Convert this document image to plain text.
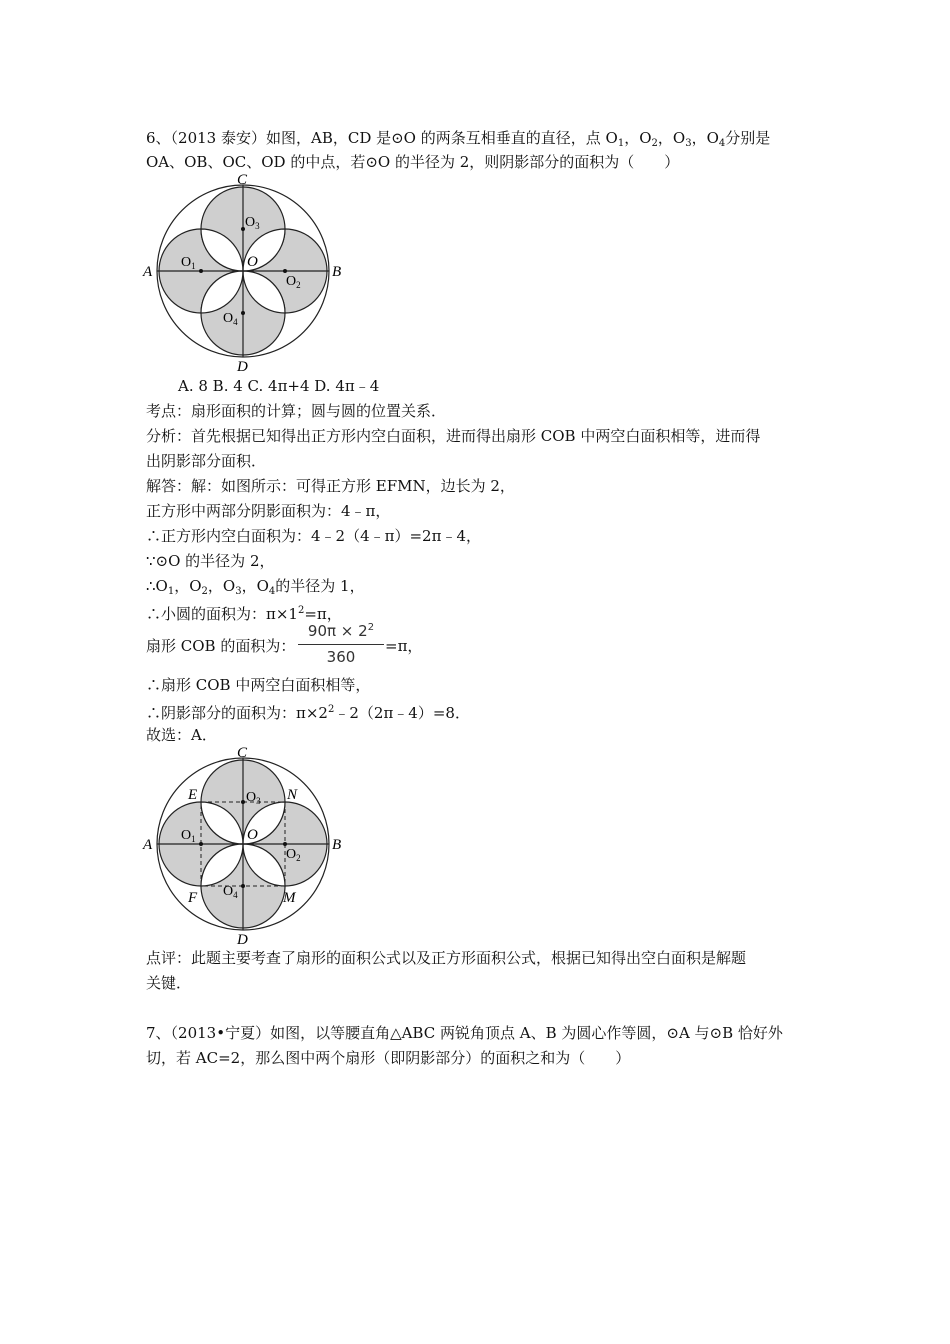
6、（2013 泰安）如图，AB，CD 是⊙O 的两条互相垂直的直径，点 $O_1$，$O_2$，$O_3$，$O_4$分别是
OA、OB、OC、OD 的中点，若⊙O 的半径为 2，则阴影部分的面积为（　　）
C
D
A	B
O
$O_1$
$O_2$
$O_3$
$O_4$
A. 8 B. 4 C. 4π+4 D. 4π﹣4
考点：扇形面积的计算；圆与圆的位置关系．
分析：首先根据已知得出正方形内空白面积，进而得出扇形 COB 中两空白面积相等，进而得
出阴影部分面积．
解答：解：如图所示：可得正方形 EFMN，边长为 2，
正方形中两部分阴影面积为：4﹣π，
∴正方形内空白面积为：4﹣2（4﹣π）=2π﹣4，
∵⊙O 的半径为 2，
$\therefore O_1$，$O_2$，$O_3$，$O_4$的半径为 1，
∴小圆的面积为：$\pi\times 1^2=\pi$，
扇形 COB 的面积为：
$90\pi \times 2^2$
360
=π，
∴扇形 COB 中两空白面积相等，
∴阴影部分的面积为：$\pi\times 2^2﹣2(2\pi﹣4)=8$．
故选：A．
C
D
A	B
O
E	N
F	M
$O_1$
$O_2$
$O_3$
$O_4$
点评：此题主要考查了扇形的面积公式以及正方形面积公式，根据已知得出空白面积是解题
关键．
7、（2013•宁夏）如图，以等腰直角△ABC 两锐角顶点 A、B 为圆心作等圆，⊙A 与⊙B 恰好外
切，若 AC=2，那么图中两个扇形（即阴影部分）的面积之和为（　　）
